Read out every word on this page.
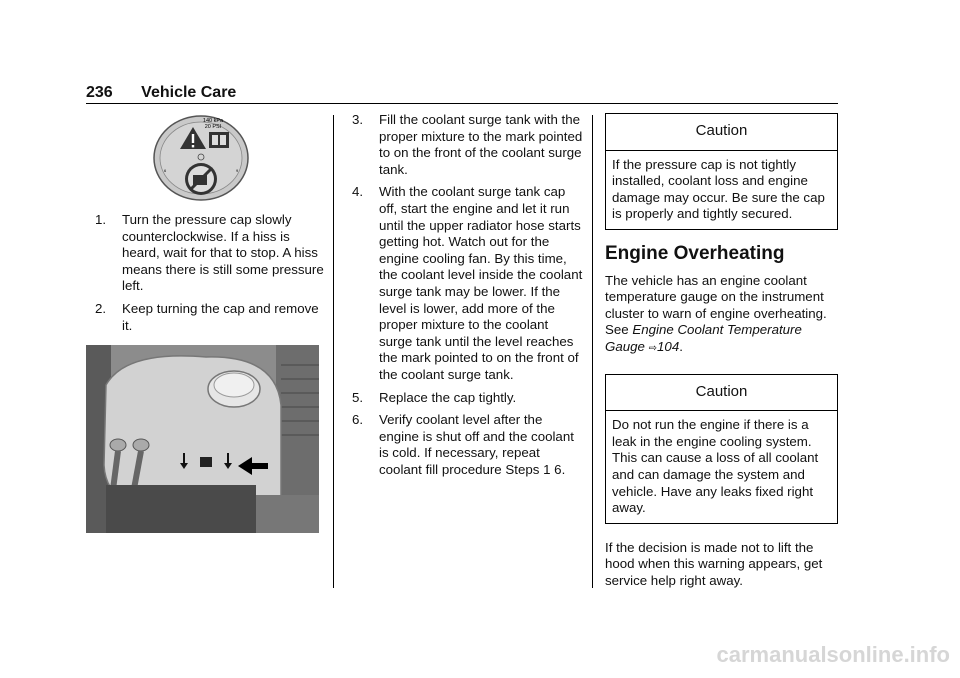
236 Vehicle Care
140 kPa
20 PSI
6	9
1.	Turn the pressure cap slowly counterclockwise. If a hiss is heard, wait for that to stop. A hiss means there is still some pressure left.
2.	Keep turning the cap and remove it.
3.	Fill the coolant surge tank with the proper mixture to the mark pointed to on the front of the coolant surge tank.
4.	With the coolant surge tank cap off, start the engine and let it run until the upper radiator hose starts getting hot. Watch out for the engine cooling fan. By this time, the coolant level inside the coolant surge tank may be lower. If the level is lower, add more of the proper mixture to the coolant surge tank until the level reaches the mark pointed to on the front of the coolant surge tank.
5.	Replace the cap tightly.
6.	Verify coolant level after the engine is shut off and the coolant is cold. If necessary, repeat coolant fill procedure Steps 1 6.
Caution
If the pressure cap is not tightly installed, coolant loss and engine damage may occur. Be sure the cap is properly and tightly secured.
Engine Overheating
The vehicle has an engine coolant temperature gauge on the instrument cluster to warn of engine overheating. See Engine Coolant Temperature Gauge ⇨104.
Caution
Do not run the engine if there is a leak in the engine cooling system. This can cause a loss of all coolant and can damage the system and vehicle. Have any leaks fixed right away.
If the decision is made not to lift the hood when this warning appears, get service help right away.
carmanualsonline.info
